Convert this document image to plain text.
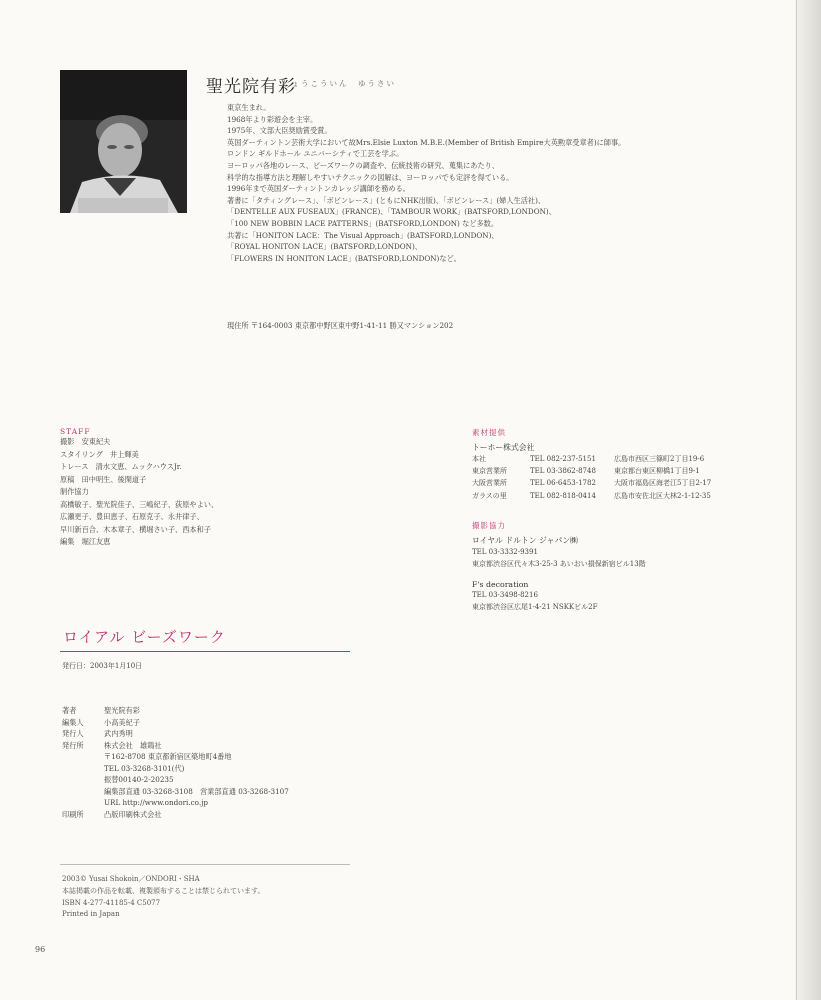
聖光院有彩
しょうこういん　ゆうさい
東京生まれ。
1968年より彩遊会を主宰。
1975年、文部大臣奨励賞受賞。
英国ダーティントン芸術大学において故Mrs.Elsie Luxton M.B.E.(Member of British Empire大英勲章受章者)に師事。
ロンドン ギルドホール ユニバーシティで工芸を学ぶ。
ヨーロッパ各地のレース、ビーズワークの調査や、伝統技術の研究、蒐集にあたり、
科学的な指導方法と理解しやすいテクニックの図解は、ヨーロッパでも定評を得ている。
1996年まで英国ダーティントンカレッジ講師を務める。
著書に「タティングレース」、「ボビンレース」(ともにNHK出版)、「ボビンレース」(婦人生活社)、
「DENTELLE AUX FUSEAUX」(FRANCE)、「TAMBOUR WORK」(BATSFORD,LONDON)、
「100 NEW BOBBIN LACE PATTERNS」(BATSFORD,LONDON) など多数。
共著に「HONITON LACE：The Visual Approach」(BATSFORD,LONDON)、
「ROYAL HONITON LACE」(BATSFORD,LONDON)、
「FLOWERS IN HONITON LACE」(BATSFORD,LONDON)など。
現住所 〒164-0003 東京都中野区東中野1-41-11 勝又マンション202
STAFF
撮影　安東紀夫
スタイリング　井上輝美
トレース　清水文恵、ムックハウスJr.
原稿　田中明生、後閑道子
制作協力
高橋敏子、聖光院佳子、三嶋紀子、荻原やよい、
広瀬更子、豊田恵子、石原克子、永井律子、
早川新百合、木本章子、横堀さい子、西本和子
編集　堀江友恵
素材提供
トーホー株式会社
本社	TEL 082-237-5151	広島市西区三篠町2丁目19-6
東京営業所	TEL 03-3862-8748	東京都台東区柳橋1丁目9-1
大阪営業所	TEL 06-6453-1782	大阪市福島区海老江5丁目2-17
ガラスの里	TEL 082-818-0414	広島市安佐北区大林2-1-12-35
撮影協力
ロイヤル ドルトン ジャパン㈱
TEL 03-3332-9391
東京都渋谷区代々木3-25-3 あいおい損保新宿ビル13階
F's decoration
TEL 03-3498-8216
東京都渋谷区広尾1-4-21 NSKKビル2F
ロイアル ビーズワーク
発行日：2003年1月10日
著者	聖光院有彩
編集人	小高美紀子
発行人	武内秀明
発行所	株式会社　雄鶏社
〒162-8708 東京都新宿区築地町4番地
TEL 03-3268-3101(代)
振替00140-2-20235
編集部直通 03-3268-3108　営業部直通 03-3268-3107
URL http://www.ondori.co.jp
印刷所	凸版印刷株式会社
2003© Yusai Shokoin／ONDORI・SHA
本誌掲載の作品を転載、複製頒布することは禁じられています。
ISBN 4-277-41185-4 C5077
Printed in Japan
96
